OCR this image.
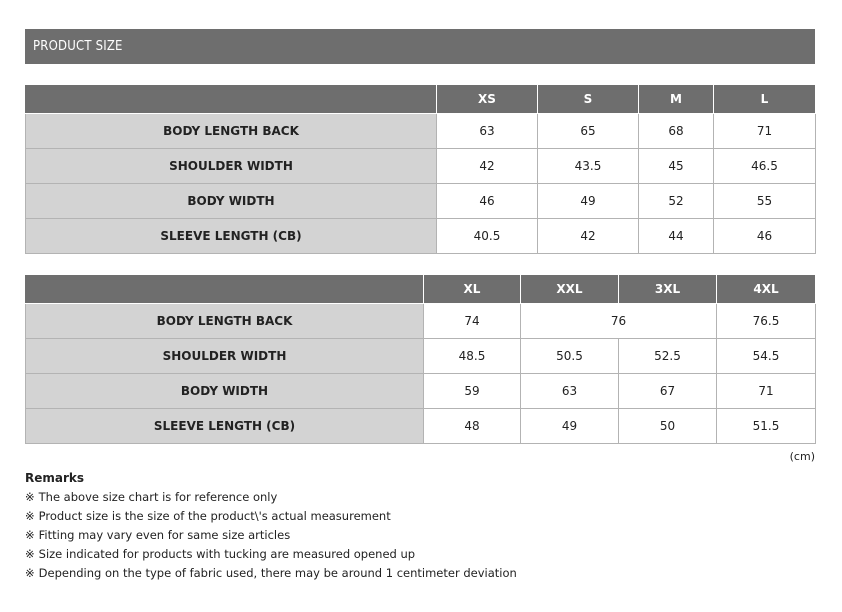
PRODUCT SIZE
	XS	S	M	L
BODY LENGTH BACK	63	65	68	71
SHOULDER WIDTH	42	43.5	45	46.5
BODY WIDTH	46	49	52	55
SLEEVE LENGTH (CB)	40.5	42	44	46
	XL	XXL	3XL	4XL
BODY LENGTH BACK	74	76		76.5
SHOULDER WIDTH	48.5	50.5	52.5	54.5
BODY WIDTH	59	63	67	71
SLEEVE LENGTH (CB)	48	49	50	51.5
(cm)
Remarks
※ The above size chart is for reference only
※ Product size is the size of the product\'s actual measurement
※ Fitting may vary even for same size articles
※ Size indicated for products with tucking are measured opened up
※ Depending on the type of fabric used, there may be around 1 centimeter deviation
